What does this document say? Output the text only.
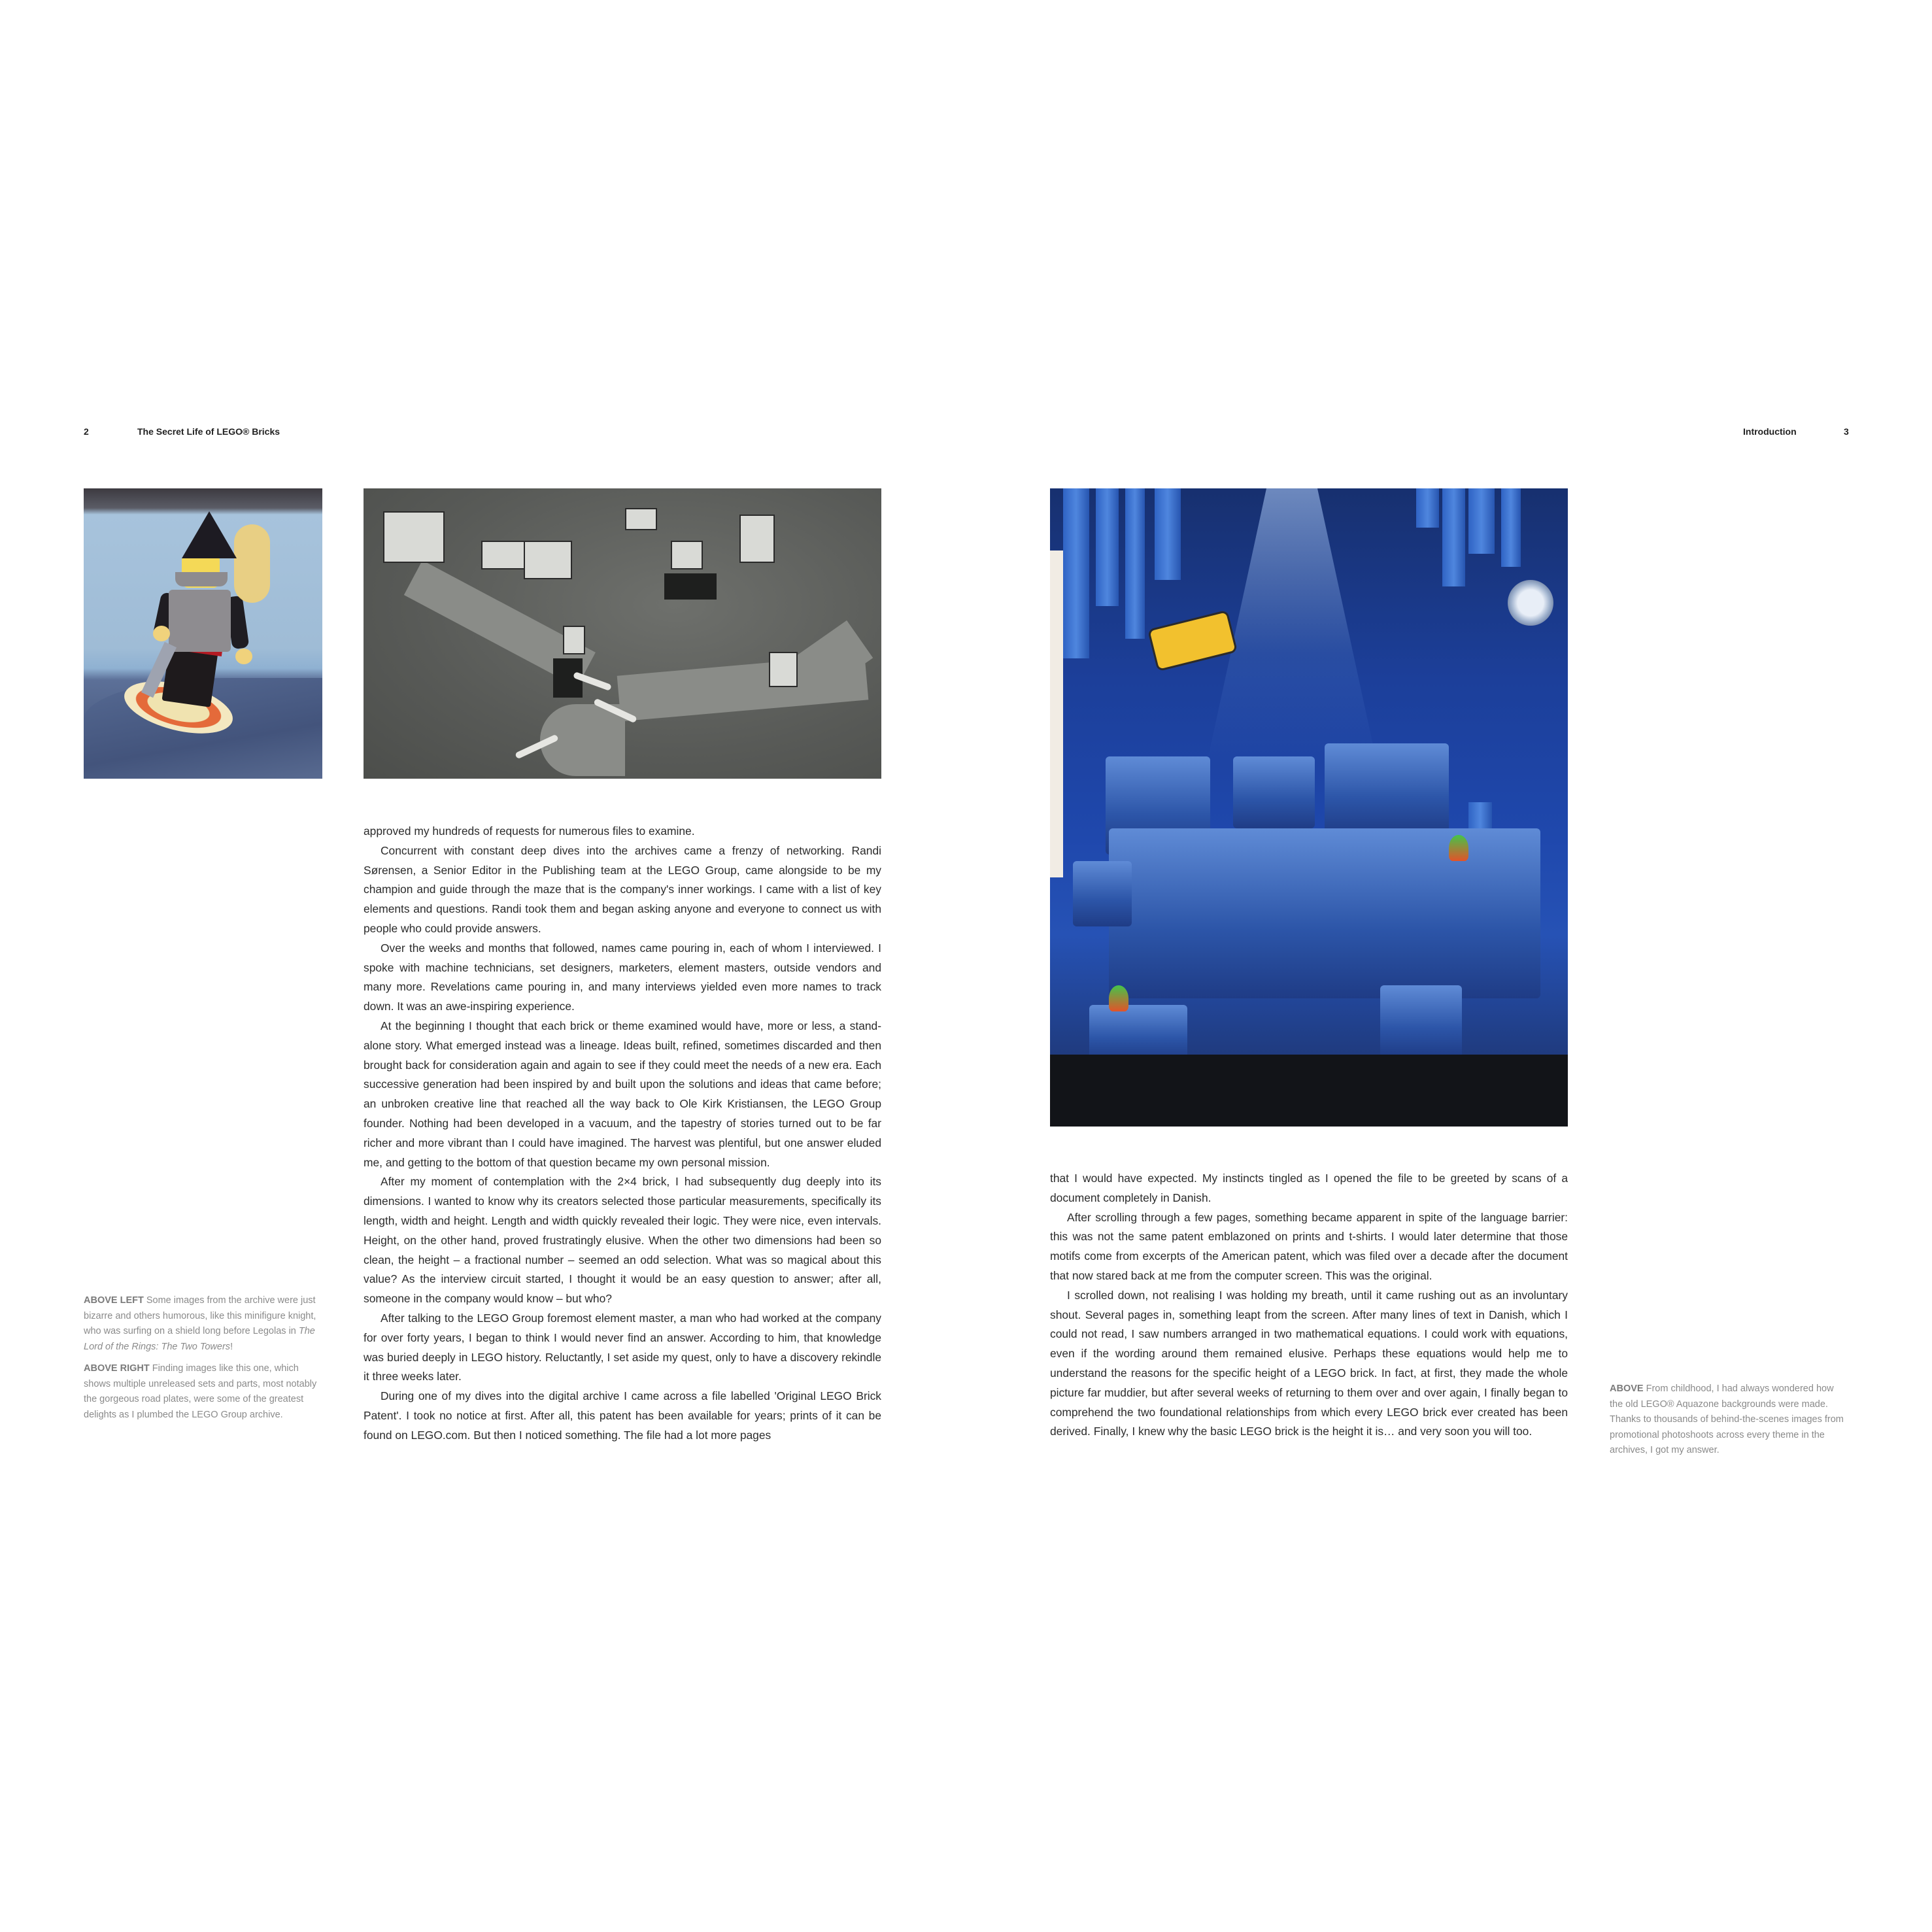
2	The Secret Life of LEGO® Bricks	Introduction	3

approved my hundreds of requests for numerous files to examine.

Concurrent with constant deep dives into the archives came a frenzy of networking. Randi Sørensen, a Senior Editor in the Publishing team at the LEGO Group, came alongside to be my champion and guide through the maze that is the company's inner workings. I came with a list of key elements and questions. Randi took them and began asking anyone and everyone to connect us with people who could provide answers.

Over the weeks and months that followed, names came pouring in, each of whom I interviewed. I spoke with machine technicians, set designers, marketers, element masters, outside vendors and many more. Revelations came pouring in, and many interviews yielded even more names to track down. It was an awe-inspiring experience.

At the beginning I thought that each brick or theme examined would have, more or less, a stand-alone story. What emerged instead was a lineage. Ideas built, refined, sometimes discarded and then brought back for consideration again and again to see if they could meet the needs of a new era. Each successive generation had been inspired by and built upon the solutions and ideas that came before; an unbroken creative line that reached all the way back to Ole Kirk Kristiansen, the LEGO Group founder. Nothing had been developed in a vacuum, and the tapestry of stories turned out to be far richer and more vibrant than I could have imagined. The harvest was plentiful, but one answer eluded me, and getting to the bottom of that question became my own personal mission.

After my moment of contemplation with the 2×4 brick, I had subsequently dug deeply into its dimensions. I wanted to know why its creators selected those particular measurements, specifically its length, width and height. Length and width quickly revealed their logic. They were nice, even intervals. Height, on the other hand, proved frustratingly elusive. When the other two dimensions had been so clean, the height – a fractional number – seemed an odd selection. What was so magical about this value? As the interview circuit started, I thought it would be an easy question to answer; after all, someone in the company would know – but who?

After talking to the LEGO Group foremost element master, a man who had worked at the company for over forty years, I began to think I would never find an answer. According to him, that knowledge was buried deeply in LEGO history. Reluctantly, I set aside my quest, only to have a discovery rekindle it three weeks later.

During one of my dives into the digital archive I came across a file labelled 'Original LEGO Brick Patent'. I took no notice at first. After all, this patent has been available for years; prints of it can be found on LEGO.com. But then I noticed something. The file had a lot more pages

that I would have expected. My instincts tingled as I opened the file to be greeted by scans of a document completely in Danish.

After scrolling through a few pages, something became apparent in spite of the language barrier: this was not the same patent emblazoned on prints and t-shirts. I would later determine that those motifs come from excerpts of the American patent, which was filed over a decade after the document that now stared back at me from the computer screen. This was the original.

I scrolled down, not realising I was holding my breath, until it came rushing out as an involuntary shout. Several pages in, something leapt from the screen. After many lines of text in Danish, which I could not read, I saw numbers arranged in two mathematical equations. I could work with equations, even if the wording around them remained elusive. Perhaps these equations would help me to understand the reasons for the specific height of a LEGO brick. In fact, at first, they made the whole picture far muddier, but after several weeks of returning to them over and over again, I finally began to comprehend the two foundational relationships from which every LEGO brick ever created has been derived. Finally, I knew why the basic LEGO brick is the height it is… and very soon you will too.

ABOVE LEFT Some images from the archive were just bizarre and others humorous, like this minifigure knight, who was surfing on a shield long before Legolas in The Lord of the Rings: The Two Towers!

ABOVE RIGHT Finding images like this one, which shows multiple unreleased sets and parts, most notably the gorgeous road plates, were some of the greatest delights as I plumbed the LEGO Group archive.

ABOVE From childhood, I had always wondered how the old LEGO® Aquazone backgrounds were made. Thanks to thousands of behind-the-scenes images from promotional photoshoots across every theme in the archives, I got my answer.
